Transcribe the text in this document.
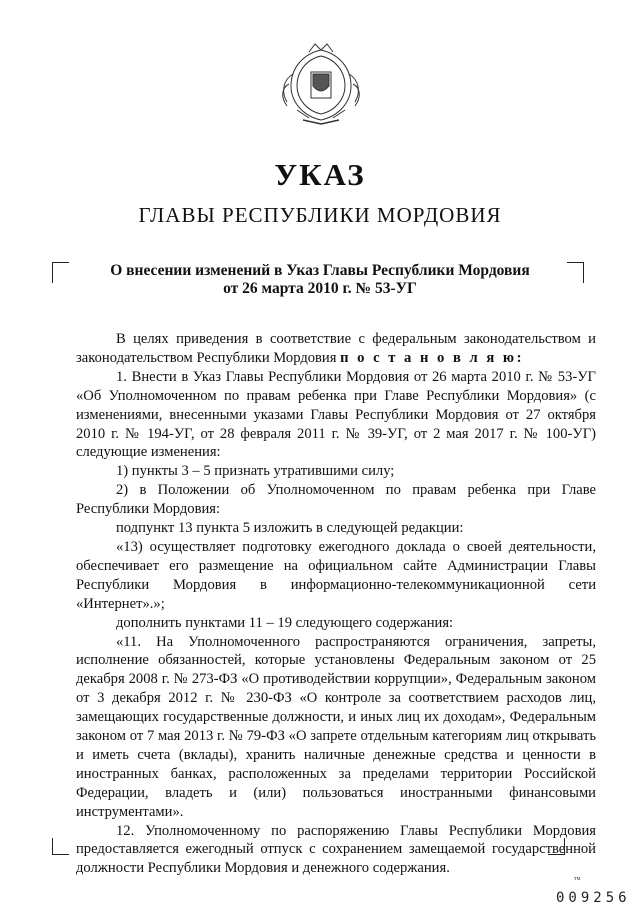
УКАЗ
ГЛАВЫ РЕСПУБЛИКИ МОРДОВИЯ
О внесении изменений в Указ Главы Республики Мордовия
от 26 марта 2010 г. № 53-УГ

В целях приведения в соответствие с федеральным законодательством и законодательством Республики Мордовия п о с т а н о в л я ю:

1. Внести в Указ Главы Республики Мордовия от 26 марта 2010 г. № 53-УГ «Об Уполномоченном по правам ребенка при Главе Республики Мордовия» (с изменениями, внесенными указами Главы Республики Мордовия от 27 октября 2010 г. № 194-УГ, от 28 февраля 2011 г. № 39-УГ, от 2 мая 2017 г. № 100-УГ) следующие изменения:

1) пункты 3 – 5 признать утратившими силу;

2) в Положении об Уполномоченном по правам ребенка при Главе Республики Мордовия:

подпункт 13 пункта 5 изложить в следующей редакции:

«13) осуществляет подготовку ежегодного доклада о своей деятельности, обеспечивает его размещение на официальном сайте Администрации Главы Республики Мордовия в информационно-телекоммуникационной сети «Интернет».»;

дополнить пунктами 11 – 19 следующего содержания:

«11. На Уполномоченного распространяются ограничения, запреты, исполнение обязанностей, которые установлены Федеральным законом от 25 декабря 2008 г. № 273-ФЗ «О противодействии коррупции», Федеральным законом от 3 декабря 2012 г. № 230-ФЗ «О контроле за соответствием расходов лиц, замещающих государственные должности, и иных лиц их доходам», Федеральным законом от 7 мая 2013 г. № 79-ФЗ «О запрете отдельным категориям лиц открывать и иметь счета (вклады), хранить наличные денежные средства и ценности в иностранных банках, расположенных за пределами территории Российской Федерации, владеть и (или) пользоваться иностранными финансовыми инструментами».

12. Уполномоченному по распоряжению Главы Республики Мордовия предоставляется ежегодный отпуск с сохранением замещаемой государственной должности Республики Мордовия и денежного содержания.

тм
009256
